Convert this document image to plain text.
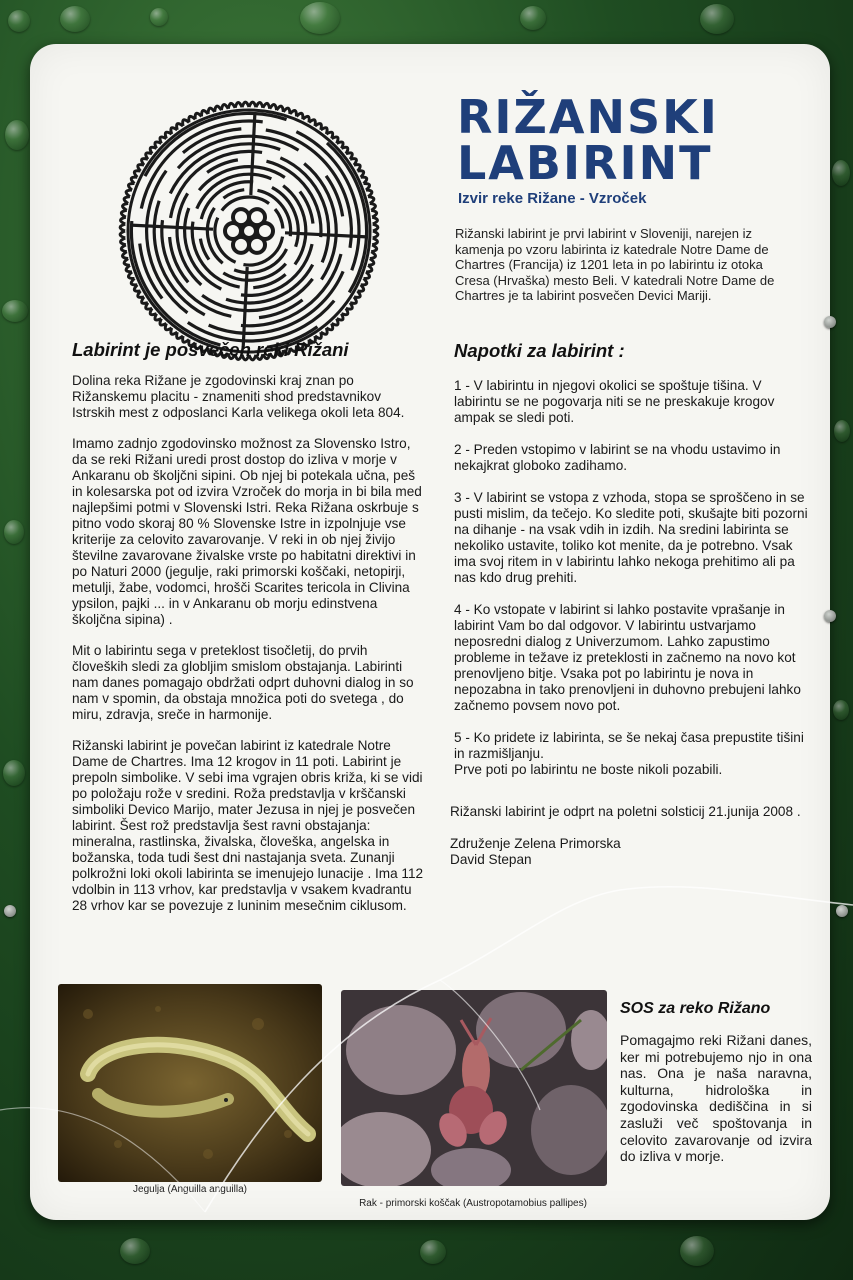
RIŽANSKI
LABIRINT
Izvir reke Rižane - Vzroček

Rižanski labirint je prvi labirint v Sloveniji, narejen iz kamenja po vzoru labirinta iz katedrale Notre Dame de Chartres (Francija) iz 1201 leta in po labirintu iz otoka Cresa (Hrvaška) mesto Beli. V katedrali Notre Dame de Chartres je ta labirint posvečen Devici Mariji.

Labirint je posvečen reki Rižani

Dolina reka Rižane je zgodovinski kraj znan po Rižanskemu placitu - znameniti shod predstavnikov Istrskih mest z odposlanci Karla velikega okoli leta 804.

Imamo zadnjo zgodovinsko možnost za Slovensko Istro, da se reki Rižani uredi prost dostop do izliva v morje v Ankaranu ob školjčni sipini. Ob njej bi potekala učna, peš in kolesarska pot od izvira Vzroček do morja in bi bila med najlepšimi potmi v Slovenski Istri. Reka Rižana oskrbuje s pitno vodo skoraj 80 % Slovenske Istre in izpolnjuje vse kriterije za celovito zavarovanje. V reki in ob njej živijo številne zavarovane živalske vrste po habitatni direktivi in po Naturi 2000 (jegulje, raki primorski koščaki, netopirji, metulji, žabe, vodomci, hrošči Scarites tericola in Clivina ypsilon, pajki ... in v Ankaranu ob morju edinstvena školjčna sipina) .

Mit o labirintu sega v preteklost tisočletij, do prvih človeških sledi za globljim smislom obstajanja. Labirinti nam danes pomagajo obdržati odprt duhovni dialog in so nam v spomin, da obstaja množica poti do svetega , do miru, zdravja, sreče in harmonije.

Rižanski labirint je povečan labirint iz katedrale Notre Dame de Chartres. Ima 12 krogov in 11 poti. Labirint je prepoln simbolike. V sebi ima vgrajen obris križa, ki se vidi po položaju rože v sredini. Roža predstavlja v krščanski simboliki Devico Marijo, mater Jezusa in njej je posvečen labirint. Šest rož predstavlja šest ravni obstajanja: mineralna, rastlinska, živalska, človeška, angelska in božanska, toda tudi šest dni nastajanja sveta. Zunanji polkrožni loki okoli labirinta se imenujejo lunacije . Ima 112 vdolbin in 113 vrhov, kar predstavlja v vsakem kvadrantu 28 vrhov kar se povezuje z luninim mesečnim ciklusom.

Napotki za labirint :

1 - V labirintu in njegovi okolici se spoštuje tišina. V labirintu se ne pogovarja niti se ne preskakuje krogov ampak se sledi poti.

2 - Preden vstopimo v labirint se na vhodu ustavimo in nekajkrat globoko zadihamo.

3 - V labirint se vstopa z vzhoda, stopa se sproščeno in se pusti mislim, da tečejo. Ko sledite poti, skušajte biti pozorni na dihanje - na vsak vdih in izdih. Na sredini labirinta se nekoliko ustavite, toliko kot menite, da je potrebno. Vsak ima svoj ritem in v labirintu lahko nekoga prehitimo ali pa nas kdo drug prehiti.

4 - Ko vstopate v labirint si lahko postavite vprašanje in labirint Vam bo dal odgovor. V labirintu ustvarjamo neposredni dialog z Univerzumom. Lahko zapustimo probleme in težave iz preteklosti in začnemo na novo kot prenovljeno bitje. Vsaka pot po labirintu je nova in nepozabna in tako prenovljeni in duhovno prebujeni lahko začnemo povsem novo pot.

5 - Ko pridete iz labirinta, se še nekaj časa prepustite tišini in razmišljanju.
Prve poti po labirintu ne boste nikoli pozabili.

Rižanski labirint je odprt na poletni solsticij 21.junija 2008 .

Združenje Zelena Primorska

David Stepan

Jegulja (Anguilla anguilla)
Rak - primorski koščak (Austropotamobius pallipes)
SOS za reko Rižano

Pomagajmo reki Rižani danes, ker mi potrebujemo njo in ona nas. Ona je naša naravna, kulturna, hidrološka in zgodovinska dediščina in si zasluži več spoštovanja in celovito zavarovanje od izvira do izliva v morje.
